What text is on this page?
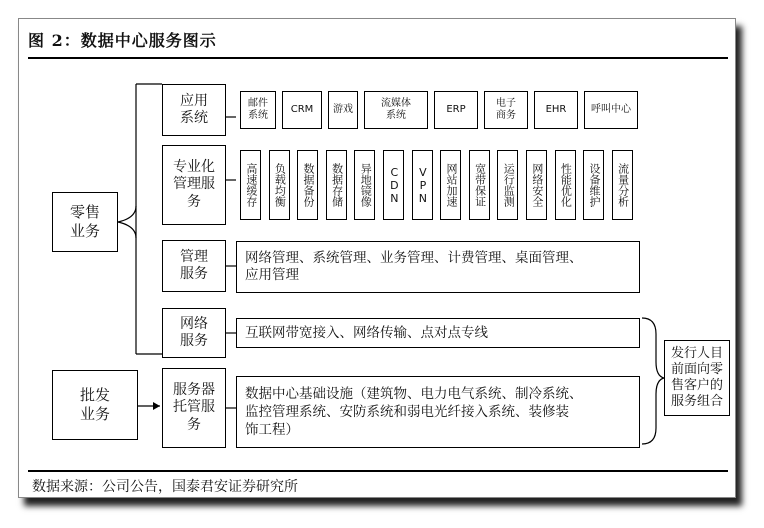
图 2：数据中心服务图示
零售
业务
批发
业务
应用
系统
专业化
管理服
务
管理
服务
网络
服务
服务器
托管服
务
邮件
系统
CRM	游戏
流媒体
系统
ERP
电子
商务
EHR	呼叫中心
高速缓存	负载均衡	数据备份	数据存储	异地镜像	CDN	VPN	网站加速	宽带保证	运行监测	网络安全	性能优化	设备维护	流量分析
网络管理、系统管理、业务管理、计费管理、桌面管理、
应用管理
互联网带宽接入、网络传输、点对点专线
数据中心基础设施（建筑物、电力电气系统、制冷系统、
监控管理系统、安防系统和弱电光纤接入系统、装修装
饰工程）
发行人目
前面向零
售客户的
服务组合
数据来源：公司公告，国泰君安证券研究所
